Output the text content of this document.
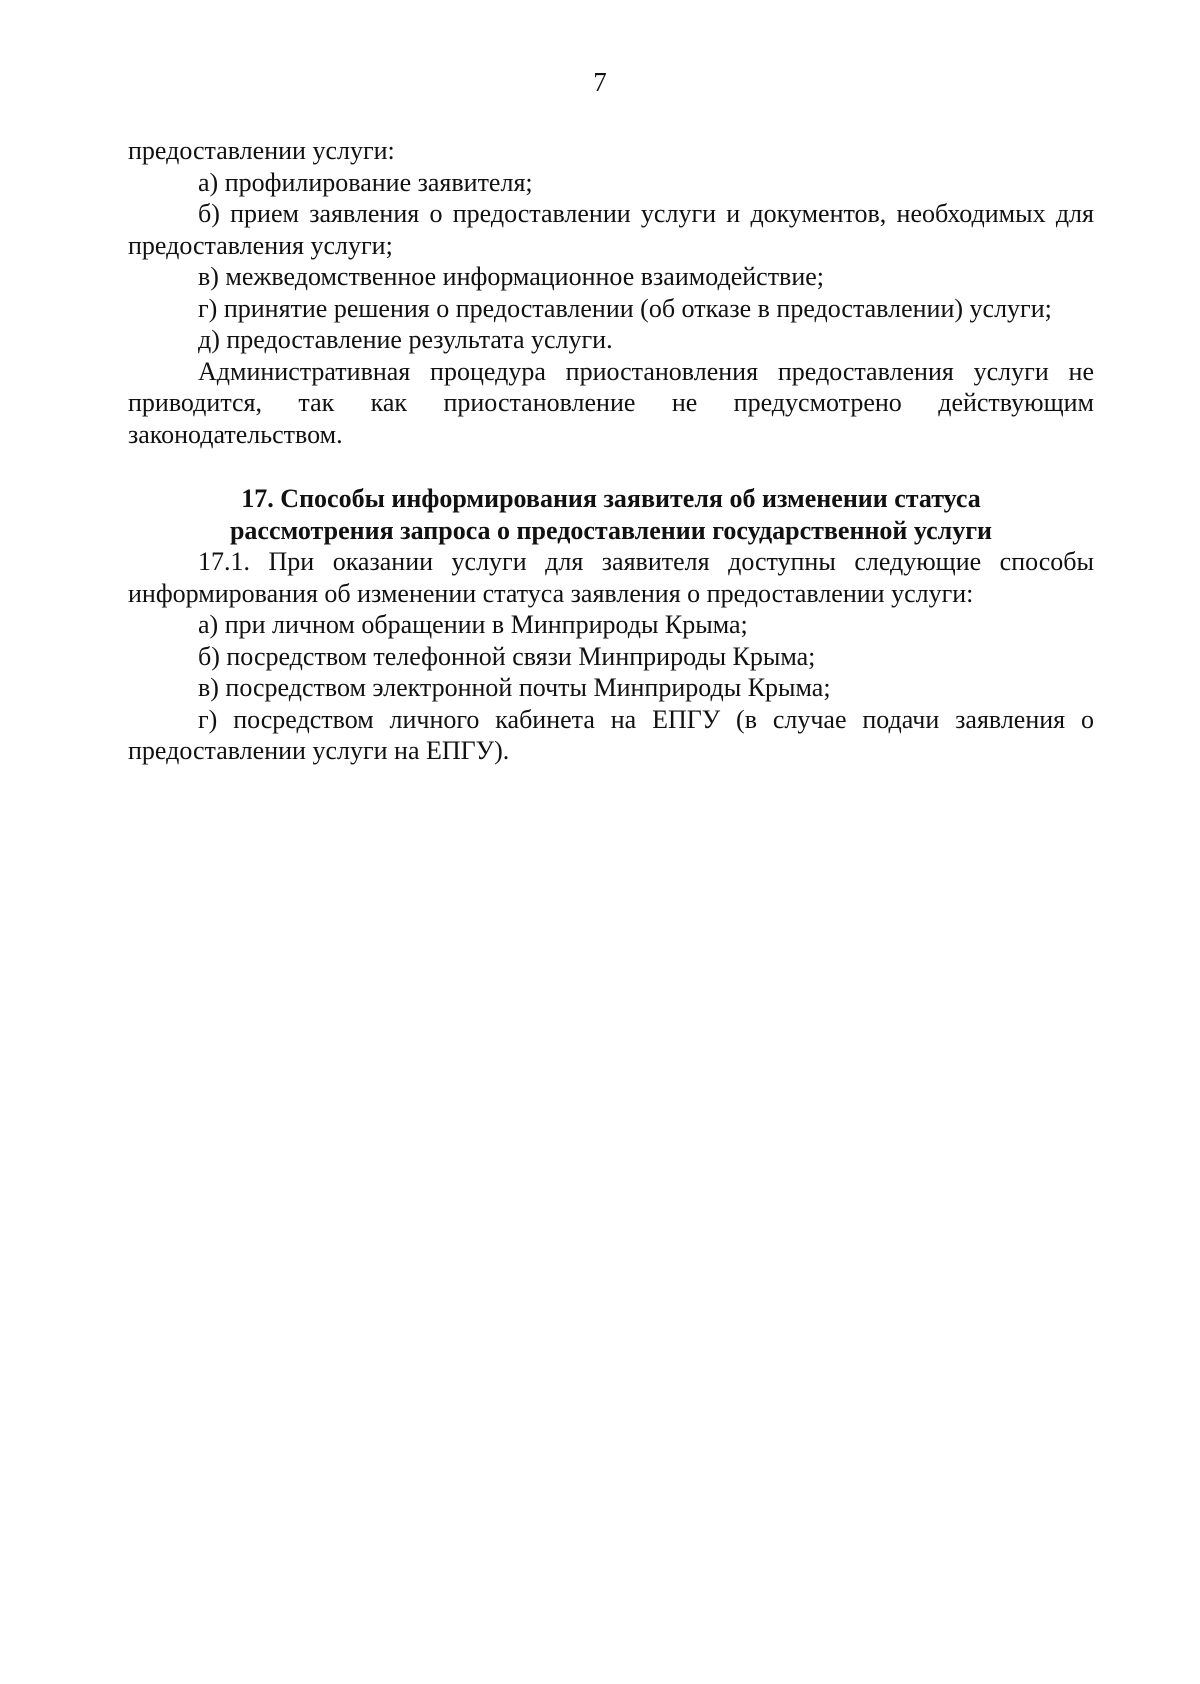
7

предоставлении услуги:

а) профилирование заявителя;

б) прием заявления о предоставлении услуги и документов, необходимых для предоставления услуги;

в) межведомственное информационное взаимодействие;

г) принятие решения о предоставлении (об отказе в предоставлении) услуги;

д) предоставление результата услуги.

Административная процедура приостановления предоставления услуги не приводится, так как приостановление не предусмотрено действующим законодательством.

17. Способы информирования заявителя об изменении статуса
рассмотрения запроса о предоставлении государственной услуги

17.1. При оказании услуги для заявителя доступны следующие способы информирования об изменении статуса заявления о предоставлении услуги:

а) при личном обращении в Минприроды Крыма;

б) посредством телефонной связи Минприроды Крыма;

в) посредством электронной почты Минприроды Крыма;

г) посредством личного кабинета на ЕПГУ (в случае подачи заявления о предоставлении услуги на ЕПГУ).
